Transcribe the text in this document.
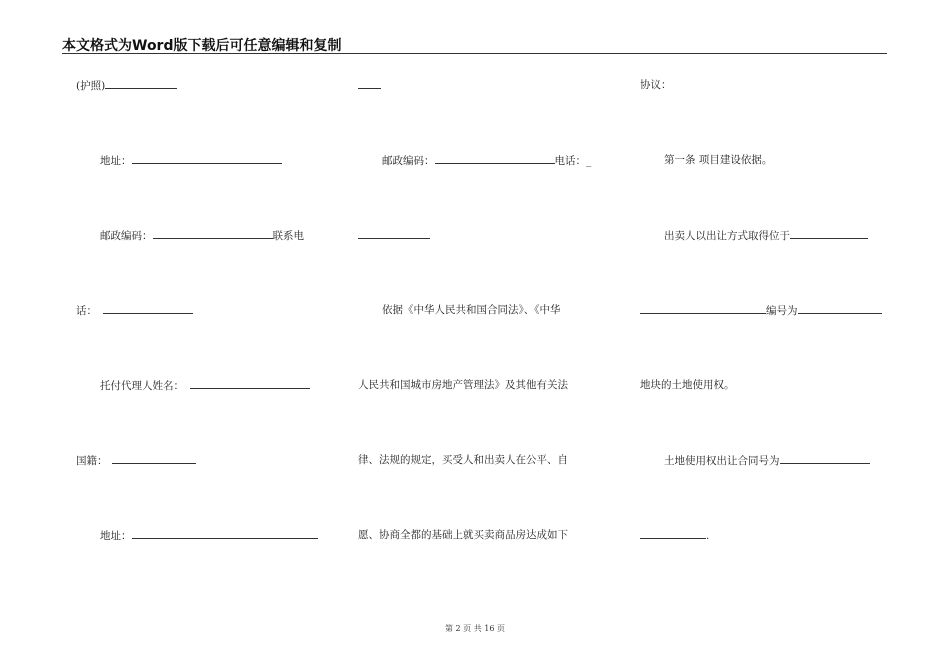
本文格式为Word版下载后可任意编辑和复制
(护照)
地址：
邮政编码：	联系电
话：
托付代理人姓名：
国籍：
地址：
邮政编码：	电话：_
依据《中华人民共和国合同法》、《中华
人民共和国城市房地产管理法》及其他有关法
律、法规的规定，买受人和出卖人在公平、自
愿、协商全都的基础上就买卖商品房达成如下
协议：
第一条 项目建设依据。
出卖人以出让方式取得位于
编号为
地块的土地使用权。
土地使用权出让合同号为
.
第 2 页 共 16 页
